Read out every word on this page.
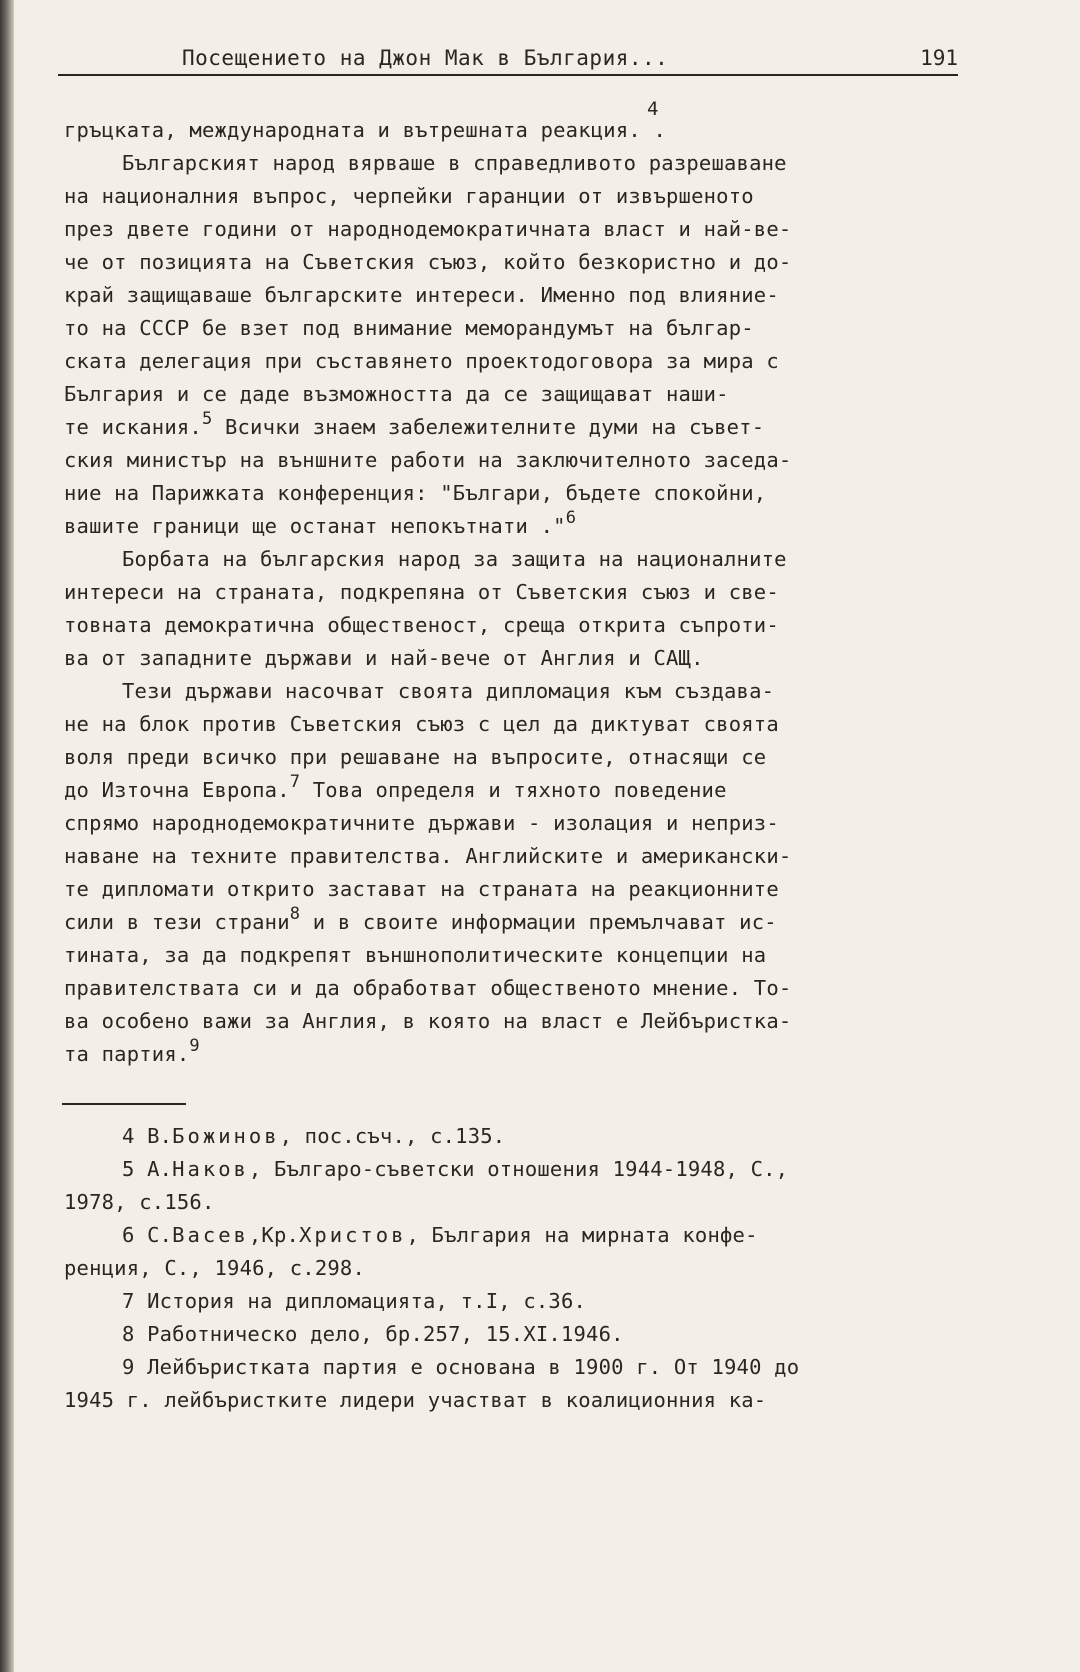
Посещението на Джон Мак в България...	191
гръцката, международната и вътрешната реакция.4 .
Българският народ вярваше в справедливото разрешаване
на националния въпрос, черпейки гаранции от извършеното
през двете години от народнодемократичната власт и най-ве-
че от позицията на Съветския съюз, който безкористно и до-
край защищаваше българските интереси. Именно под влияние-
то на СССР бе взет под внимание меморандумът на българ-
ската делегация при съставянето проектодоговора за мира с
България и се даде възможността да се защищават наши-
те искания.$^5$ Всички знаем забележителните думи на съвет-
ския министър на външните работи на заключителното заседа-
ние на Парижката конференция: "Българи, бъдете спокойни,
вашите граници ще останат непокътнати ."$^6$
Борбата на българския народ за защита на националните
интереси на страната, подкрепяна от Съветския съюз и све-
товната демократична общественост, среща открита съпроти-
ва от западните държави и най-вече от Англия и САЩ.
Тези държави насочват своята дипломация към създава-
не на блок против Съветския съюз с цел да диктуват своята
воля преди всичко при решаване на въпросите, отнасящи се
до Източна Европа.$^7$ Това определя и тяхното поведение
спрямо народнодемократичните държави - изолация и неприз-
наване на техните правителства. Английските и американски-
те дипломати открито застават на страната на реакционните
сили в тези страни$^8$ и в своите информации премълчават ис-
тината, за да подкрепят външнополитическите концепции на
правителствата си и да обработват общественото мнение. То-
ва особено важи за Англия, в която на власт е Лейбъристка-
та партия.$^9$
4 В.Божинов, пос.съч., с.135.
5 А.Наков, Българо-съветски отношения 1944-1948, С.,
1978, с.156.
6 С.Васев,Кр.Христов, България на мирната конфе-
ренция, С., 1946, с.298.
7 История на дипломацията, т.I, с.36.
8 Работническо дело, бр.257, 15.XI.1946.
9 Лейбъристката партия е основана в 1900 г. От 1940 до
1945 г. лейбъристките лидери участват в коалиционния ка-
